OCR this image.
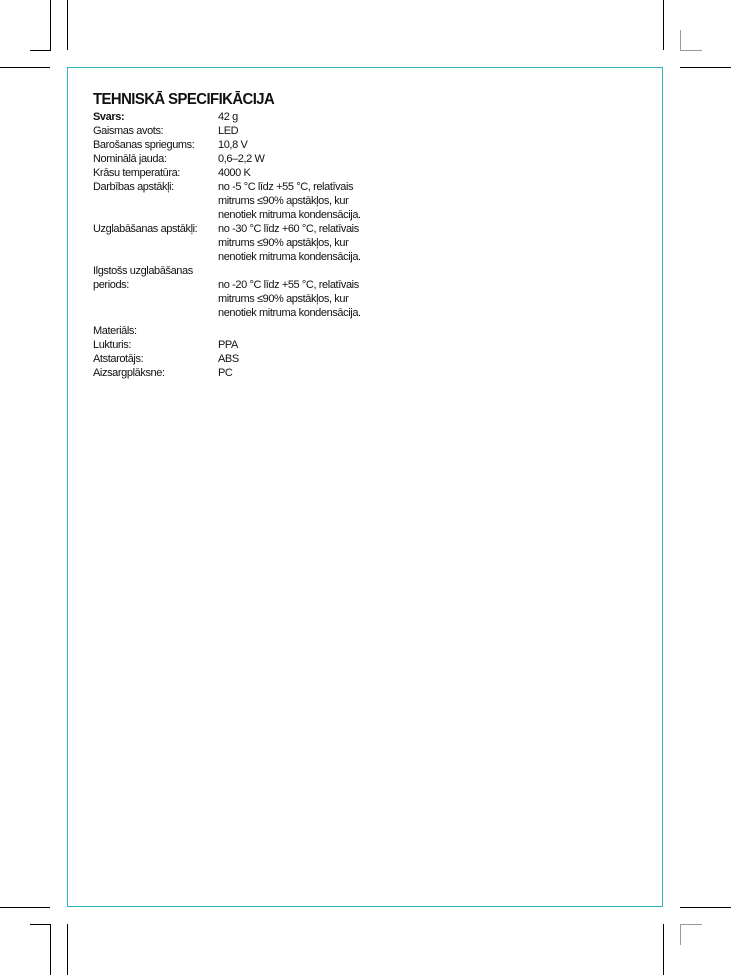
TEHNISKĀ SPECIFIKĀCIJA
Svars:	42 g
Gaismas avots:	LED
Barošanas spriegums:	10,8 V
Nominālā jauda:	0,6–2,2 W
Krāsu temperatūra:	4000 K
Darbības apstākļi:	no -5 °C līdz +55 °C, relatīvais
	mitrums ≤90% apstākļos, kur
	nenotiek mitruma kondensācija.
Uzglabāšanas apstākļi:	no -30 °C līdz +60 °C, relatīvais
	mitrums ≤90% apstākļos, kur
	nenotiek mitruma kondensācija.
Ilgstošs uzglabāšanas	
periods:	no -20 °C līdz +55 °C, relatīvais
	mitrums ≤90% apstākļos, kur
	nenotiek mitruma kondensācija.

Materiāls:	
Lukturis:	PPA
Atstarotājs:	ABS
Aizsargplāksne:	PC
